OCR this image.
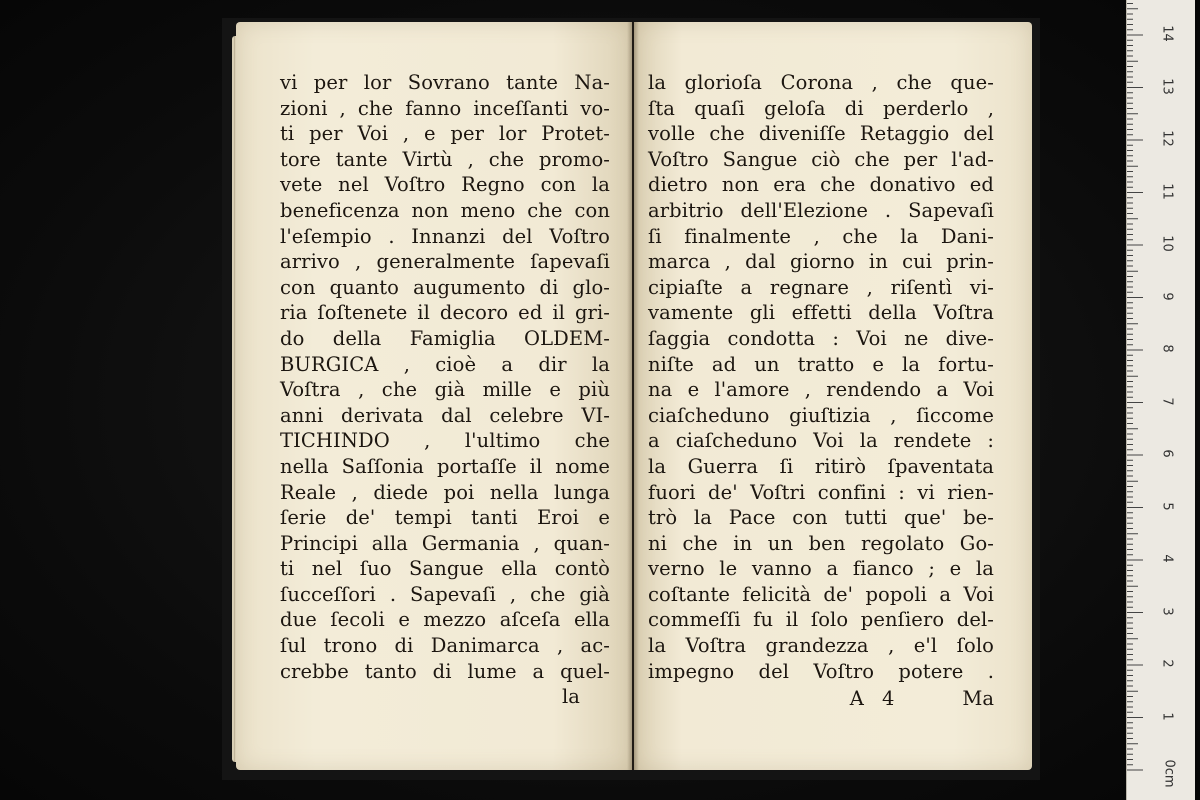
vi per lor Sovrano tante Na-
zioni , che fanno inceſſanti vo-
ti per Voi , e per lor Protet-
tore tante Virtù , che promo-
vete nel Voſtro Regno con la
beneficenza non meno che con
l'eſempio . Innanzi del Voſtro
arrivo , generalmente ſapevaſi
con quanto augumento di glo-
ria ſoſtenete il decoro ed il gri-
do della Famiglia OLDEM-
BURGICA , cioè a dir la
Voſtra , che già mille e più
anni derivata dal celebre VI-
TICHINDO , l'ultimo che
nella Saſſonia portaſſe il nome
Reale , diede poi nella lunga
ſerie de' tempi tanti Eroi e
Principi alla Germania , quan-
ti nel ſuo Sangue ella contò
ſucceſſori . Sapevaſi , che già
due ſecoli e mezzo aſceſa ella
ſul trono di Danimarca , ac-
crebbe tanto di lume a quel-
la
la glorioſa Corona , che que-
ſta quaſi geloſa di perderlo ,
volle che diveniſſe Retaggio del
Voſtro Sangue ciò che per l'ad-
dietro non era che donativo ed
arbitrio dell'Elezione . Sapevaſi
ſi finalmente , che la Dani-
marca , dal giorno in cui prin-
cipiaſte a regnare , riſentì vi-
vamente gli effetti della Voſtra
ſaggia condotta : Voi ne dive-
niſte ad un tratto e la fortu-
na e l'amore , rendendo a Voi
ciaſcheduno giuſtizia , ſiccome
a ciaſcheduno Voi la rendete :
la Guerra ſi ritirò ſpaventata
fuori de' Voſtri confini : vi rien-
trò la Pace con tutti que' be-
ni che in un ben regolato Go-
verno le vanno a fianco ; e la
coſtante felicità de' popoli a Voi
commeſſi fu il ſolo penſiero del-
la Voſtra grandezza , e'l ſolo
impegno del Voſtro potere .
A 4	Ma
0cm
1
2
3
4
5
6
7
8
9
10
11
12
13
14
